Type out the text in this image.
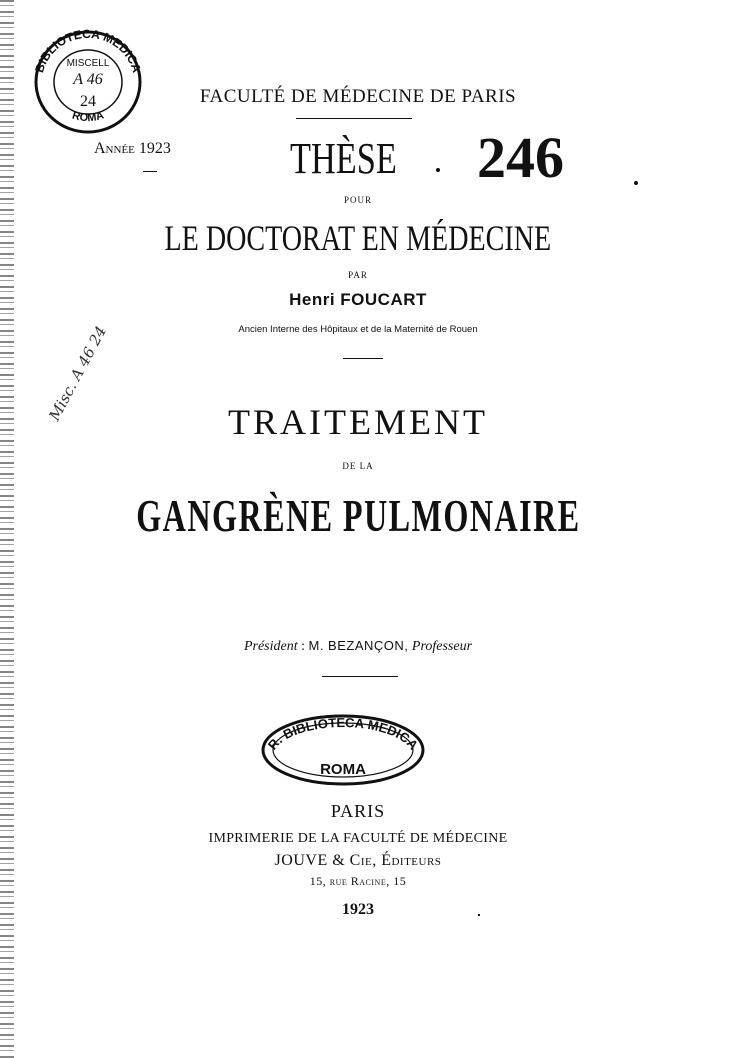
BIBLIOTECA MEDICA
ROMA
MISCELL
A 46
24	FACULTÉ DE MÉDECINE DE PARIS
Année 1923	THÈSE 246
POUR
LE DOCTORAT EN MÉDECINE
PAR
Henri FOUCART
Ancien Interne des Hôpitaux et de la Maternité de Rouen
Misc. A 46 24	TRAITEMENT
DE LA
GANGRÈNE PULMONAIRE
Président : M. BEZANÇON, Professeur
R. BIBLIOTECA MEDICA
ROMA
PARIS
IMPRIMERIE DE LA FACULTÉ DE MÉDECINE
JOUVE & Cie, Éditeurs
15, rue Racine, 15
1923
